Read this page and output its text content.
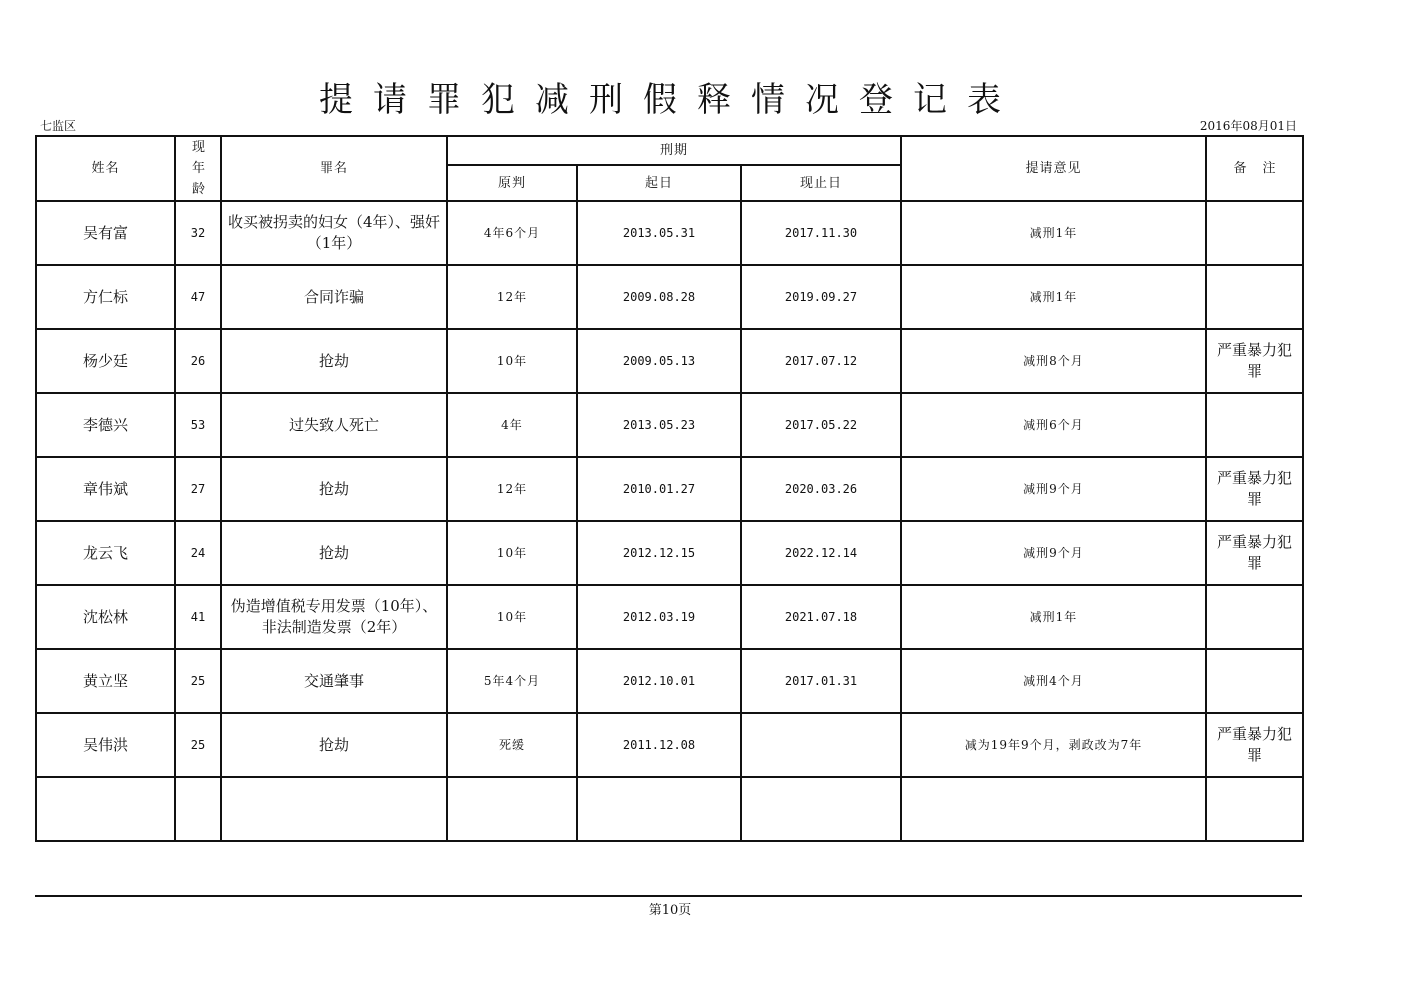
提请罪犯减刑假释情况登记表
七监区	2016年08月01日
姓名	现年龄	罪名	刑期			提请意见	备注
			原判	起日	现止日		
吴有富	32	收买被拐卖的妇女（4年）、强奸（1年）	4年6个月	2013.05.31	2017.11.30	减刑1年	
方仁标	47	合同诈骗	12年	2009.08.28	2019.09.27	减刑1年	
杨少廷	26	抢劫	10年	2009.05.13	2017.07.12	减刑8个月	严重暴力犯罪
李德兴	53	过失致人死亡	4年	2013.05.23	2017.05.22	减刑6个月	
章伟斌	27	抢劫	12年	2010.01.27	2020.03.26	减刑9个月	严重暴力犯罪
龙云飞	24	抢劫	10年	2012.12.15	2022.12.14	减刑9个月	严重暴力犯罪
沈松林	41	伪造增值税专用发票（10年）、非法制造发票（2年）	10年	2012.03.19	2021.07.18	减刑1年	
黄立坚	25	交通肇事	5年4个月	2012.10.01	2017.01.31	减刑4个月	
吴伟洪	25	抢劫	死缓	2011.12.08		减为19年9个月，剥政改为7年	严重暴力犯罪

第10页
